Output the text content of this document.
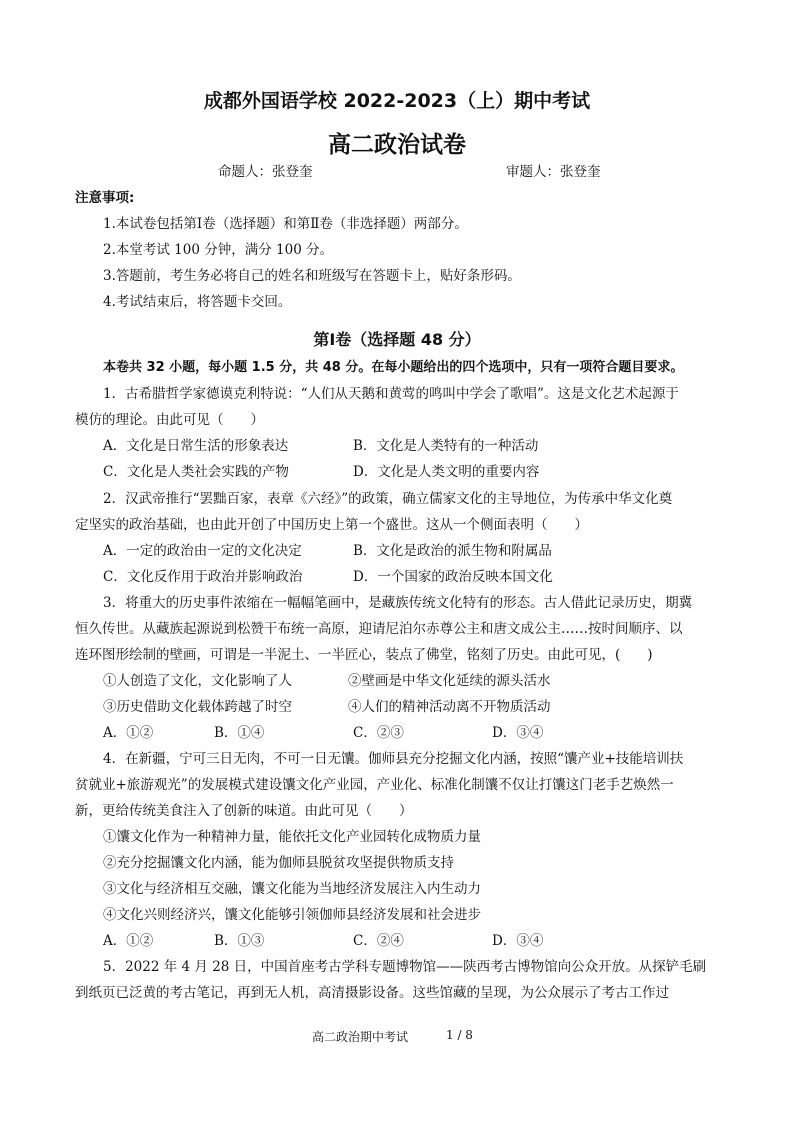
成都外国语学校 2022-2023（上）期中考试
高二政治试卷
命题人：张登奎	审题人：张登奎
注意事项:
1.本试卷包括第Ⅰ卷（选择题）和第Ⅱ卷（非选择题）两部分。
2.本堂考试 100 分钟，满分 100 分。
3.答题前，考生务必将自己的姓名和班级写在答题卡上，贴好条形码。
4.考试结束后，将答题卡交回。
第Ⅰ卷（选择题 48 分）
本卷共 32 小题，每小题 1.5 分，共 48 分。在每小题给出的四个选项中，只有一项符合题目要求。
1．古希腊哲学家德谟克利特说：“人们从天鹅和黄莺的鸣叫中学会了歌唱”。这是文化艺术起源于
模仿的理论。由此可见（　　）
A．文化是日常生活的形象表达	B．文化是人类特有的一种活动
C．文化是人类社会实践的产物	D．文化是人类文明的重要内容
2．汉武帝推行“罢黜百家，表章《六经》”的政策，确立儒家文化的主导地位，为传承中华文化奠
定坚实的政治基础，也由此开创了中国历史上第一个盛世。这从一个侧面表明（　　）
A．一定的政治由一定的文化决定	B．文化是政治的派生物和附属品
C．文化反作用于政治并影响政治	D．一个国家的政治反映本国文化
3．将重大的历史事件浓缩在一幅幅笔画中，是藏族传统文化特有的形态。古人借此记录历史，期冀
恒久传世。从藏族起源说到松赞干布统一高原，迎请尼泊尔赤尊公主和唐文成公主……按时间顺序、以
连环图形绘制的壁画，可谓是一半泥土、一半匠心，装点了佛堂，铭刻了历史。由此可见，(　　)
①人创造了文化，文化影响了人	②壁画是中华文化延续的源头活水
③历史借助文化载体跨越了时空	④人们的精神活动离不开物质活动
A．①②	B．①④	C．②③	D．③④
4．在新疆，宁可三日无肉，不可一日无馕。伽师县充分挖掘文化内涵，按照“馕产业+技能培训扶
贫就业+旅游观光”的发展模式建设馕文化产业园，产业化、标准化制馕不仅让打馕这门老手艺焕然一
新，更给传统美食注入了创新的味道。由此可见（　　）
①馕文化作为一种精神力量，能依托文化产业园转化成物质力量
②充分挖掘馕文化内涵，能为伽师县脱贫攻坚提供物质支持
③文化与经济相互交融，馕文化能为当地经济发展注入内生动力
④文化兴则经济兴，馕文化能够引领伽师县经济发展和社会进步
A．①②	B．①③	C．②④	D．③④
5．2022 年 4 月 28 日，中国首座考古学科专题博物馆——陕西考古博物馆向公众开放。从探铲毛刷
到纸页已泛黄的考古笔记，再到无人机，高清摄影设备。这些馆藏的呈现，为公众展示了考古工作过
高二政治期中考试	1 / 8
